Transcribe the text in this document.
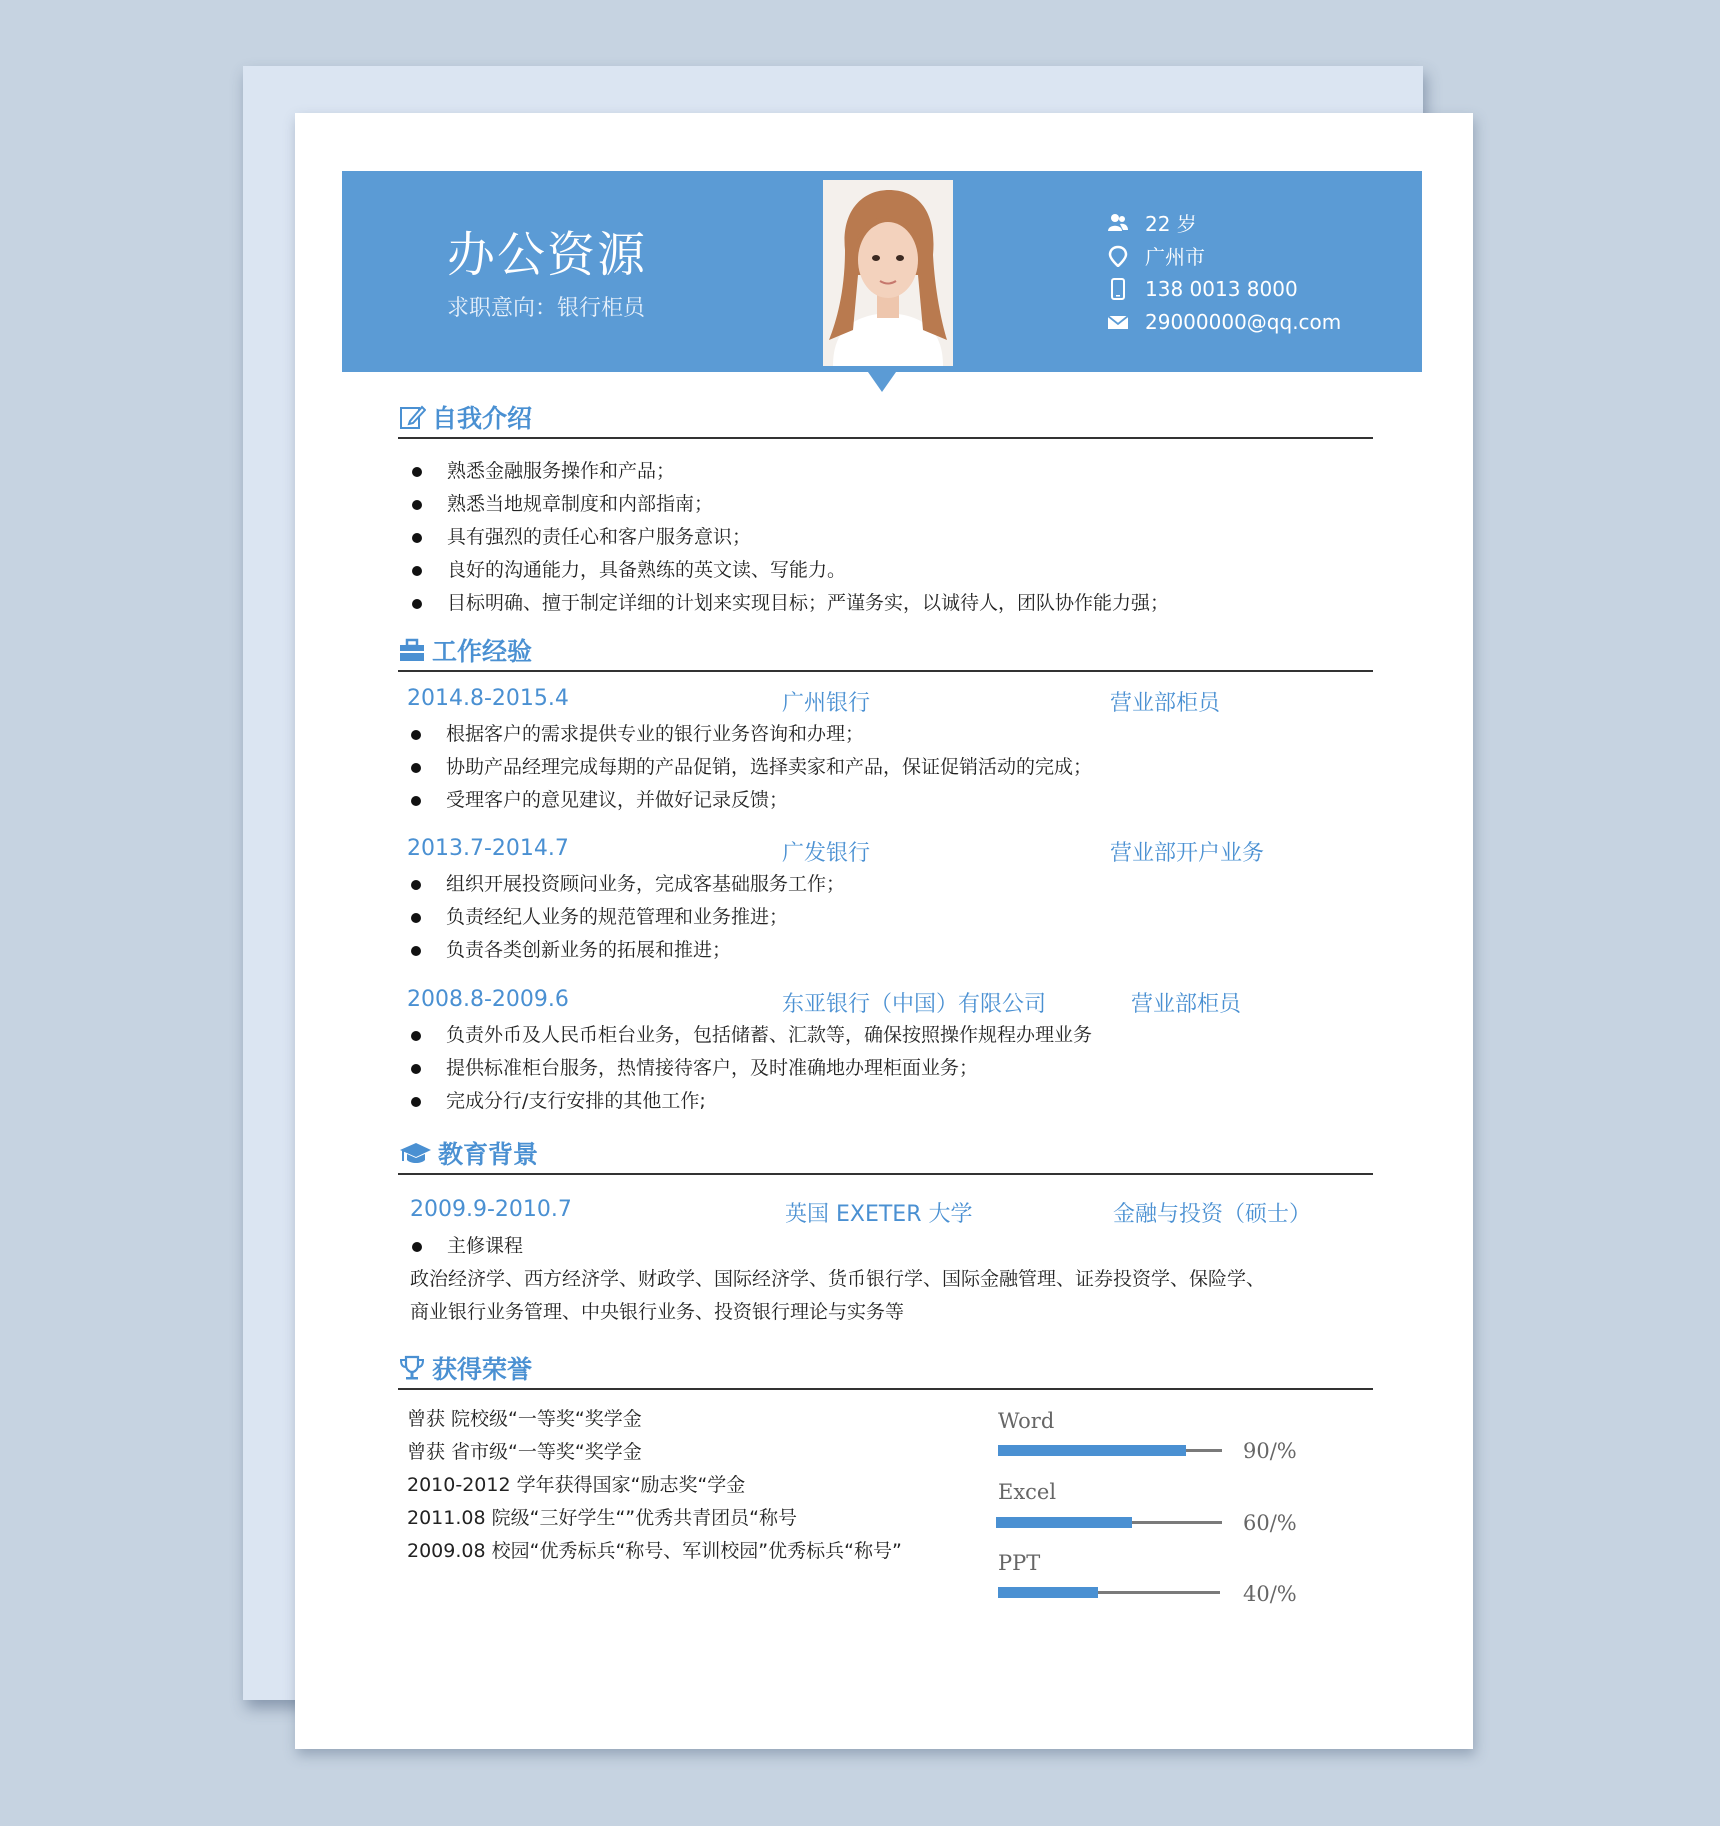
办公资源
求职意向：银行柜员
22 岁
广州市
138 0013 8000
29000000@qq.com
自我介绍
熟悉金融服务操作和产品；
熟悉当地规章制度和内部指南；
具有强烈的责任心和客户服务意识；
良好的沟通能力，具备熟练的英文读、写能力。
目标明确、擅于制定详细的计划来实现目标；严谨务实，以诚待人，团队协作能力强；
工作经验
2014.8-2015.4	广州银行	营业部柜员
根据客户的需求提供专业的银行业务咨询和办理；
协助产品经理完成每期的产品促销，选择卖家和产品，保证促销活动的完成；
受理客户的意见建议，并做好记录反馈；
2013.7-2014.7	广发银行	营业部开户业务
组织开展投资顾问业务，完成客基础服务工作；
负责经纪人业务的规范管理和业务推进；
负责各类创新业务的拓展和推进；
2008.8-2009.6	东亚银行（中国）有限公司	营业部柜员
负责外币及人民币柜台业务，包括储蓄、汇款等，确保按照操作规程办理业务
提供标准柜台服务，热情接待客户，及时准确地办理柜面业务；
完成分行/支行安排的其他工作;
教育背景
2009.9-2010.7	英国 EXETER 大学	金融与投资（硕士）
主修课程
政治经济学、西方经济学、财政学、国际经济学、货币银行学、国际金融管理、证券投资学、保险学、
商业银行业务管理、中央银行业务、投资银行理论与实务等
获得荣誉
曾获 院校级“一等奖“奖学金
曾获 省市级“一等奖“奖学金
2010-2012 学年获得国家“励志奖“学金
2011.08 院级“三好学生“”优秀共青团员“称号
2009.08 校园“优秀标兵“称号、军训校园”优秀标兵“称号”
Word
90/%
Excel
60/%
PPT
40/%
